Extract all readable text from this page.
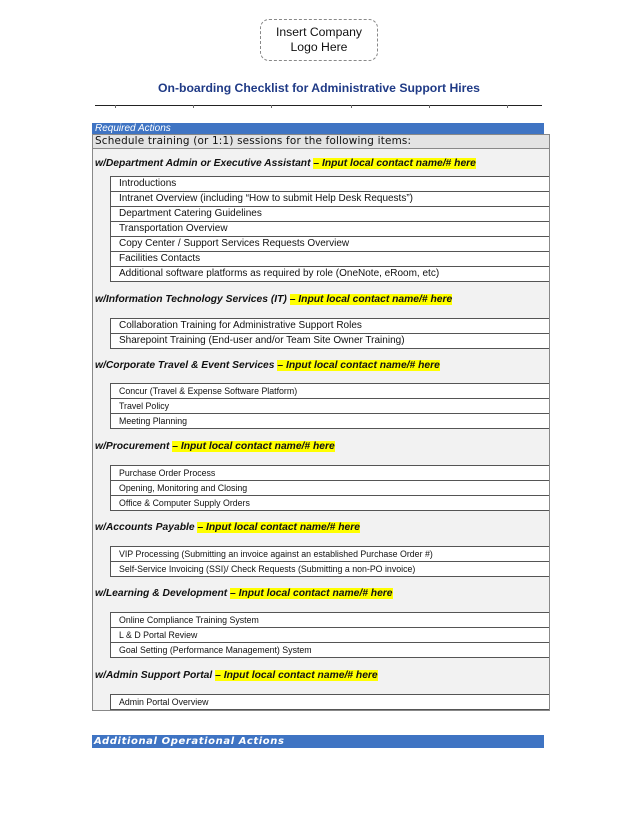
Insert Company
Logo Here
On-boarding Checklist for Administrative Support Hires
Required Actions
Schedule training (or 1:1) sessions for the following items:
w/Department Admin or Executive Assistant – Input local contact name/# here
Introductions
Intranet Overview (including “How to submit Help Desk Requests”)
Department Catering Guidelines
Transportation Overview
Copy Center / Support Services Requests Overview
Facilities Contacts
Additional software platforms as required by role (OneNote, eRoom, etc)
w/Information Technology Services (IT) – Input local contact name/# here
Collaboration Training for Administrative Support Roles
Sharepoint Training (End-user and/or Team Site Owner Training)
w/Corporate Travel & Event Services – Input local contact name/# here
Concur (Travel & Expense Software Platform)
Travel Policy
Meeting Planning
w/Procurement – Input local contact name/# here
Purchase Order Process
Opening, Monitoring and Closing
Office & Computer Supply Orders
w/Accounts Payable – Input local contact name/# here
VIP Processing (Submitting an invoice against an established Purchase Order #)
Self-Service Invoicing (SSI)/ Check Requests (Submitting a non-PO invoice)
w/Learning & Development – Input local contact name/# here
Online Compliance Training System
L & D Portal Review
Goal Setting (Performance Management) System
w/Admin Support Portal – Input local contact name/# here
Admin Portal Overview
Additional Operational Actions
